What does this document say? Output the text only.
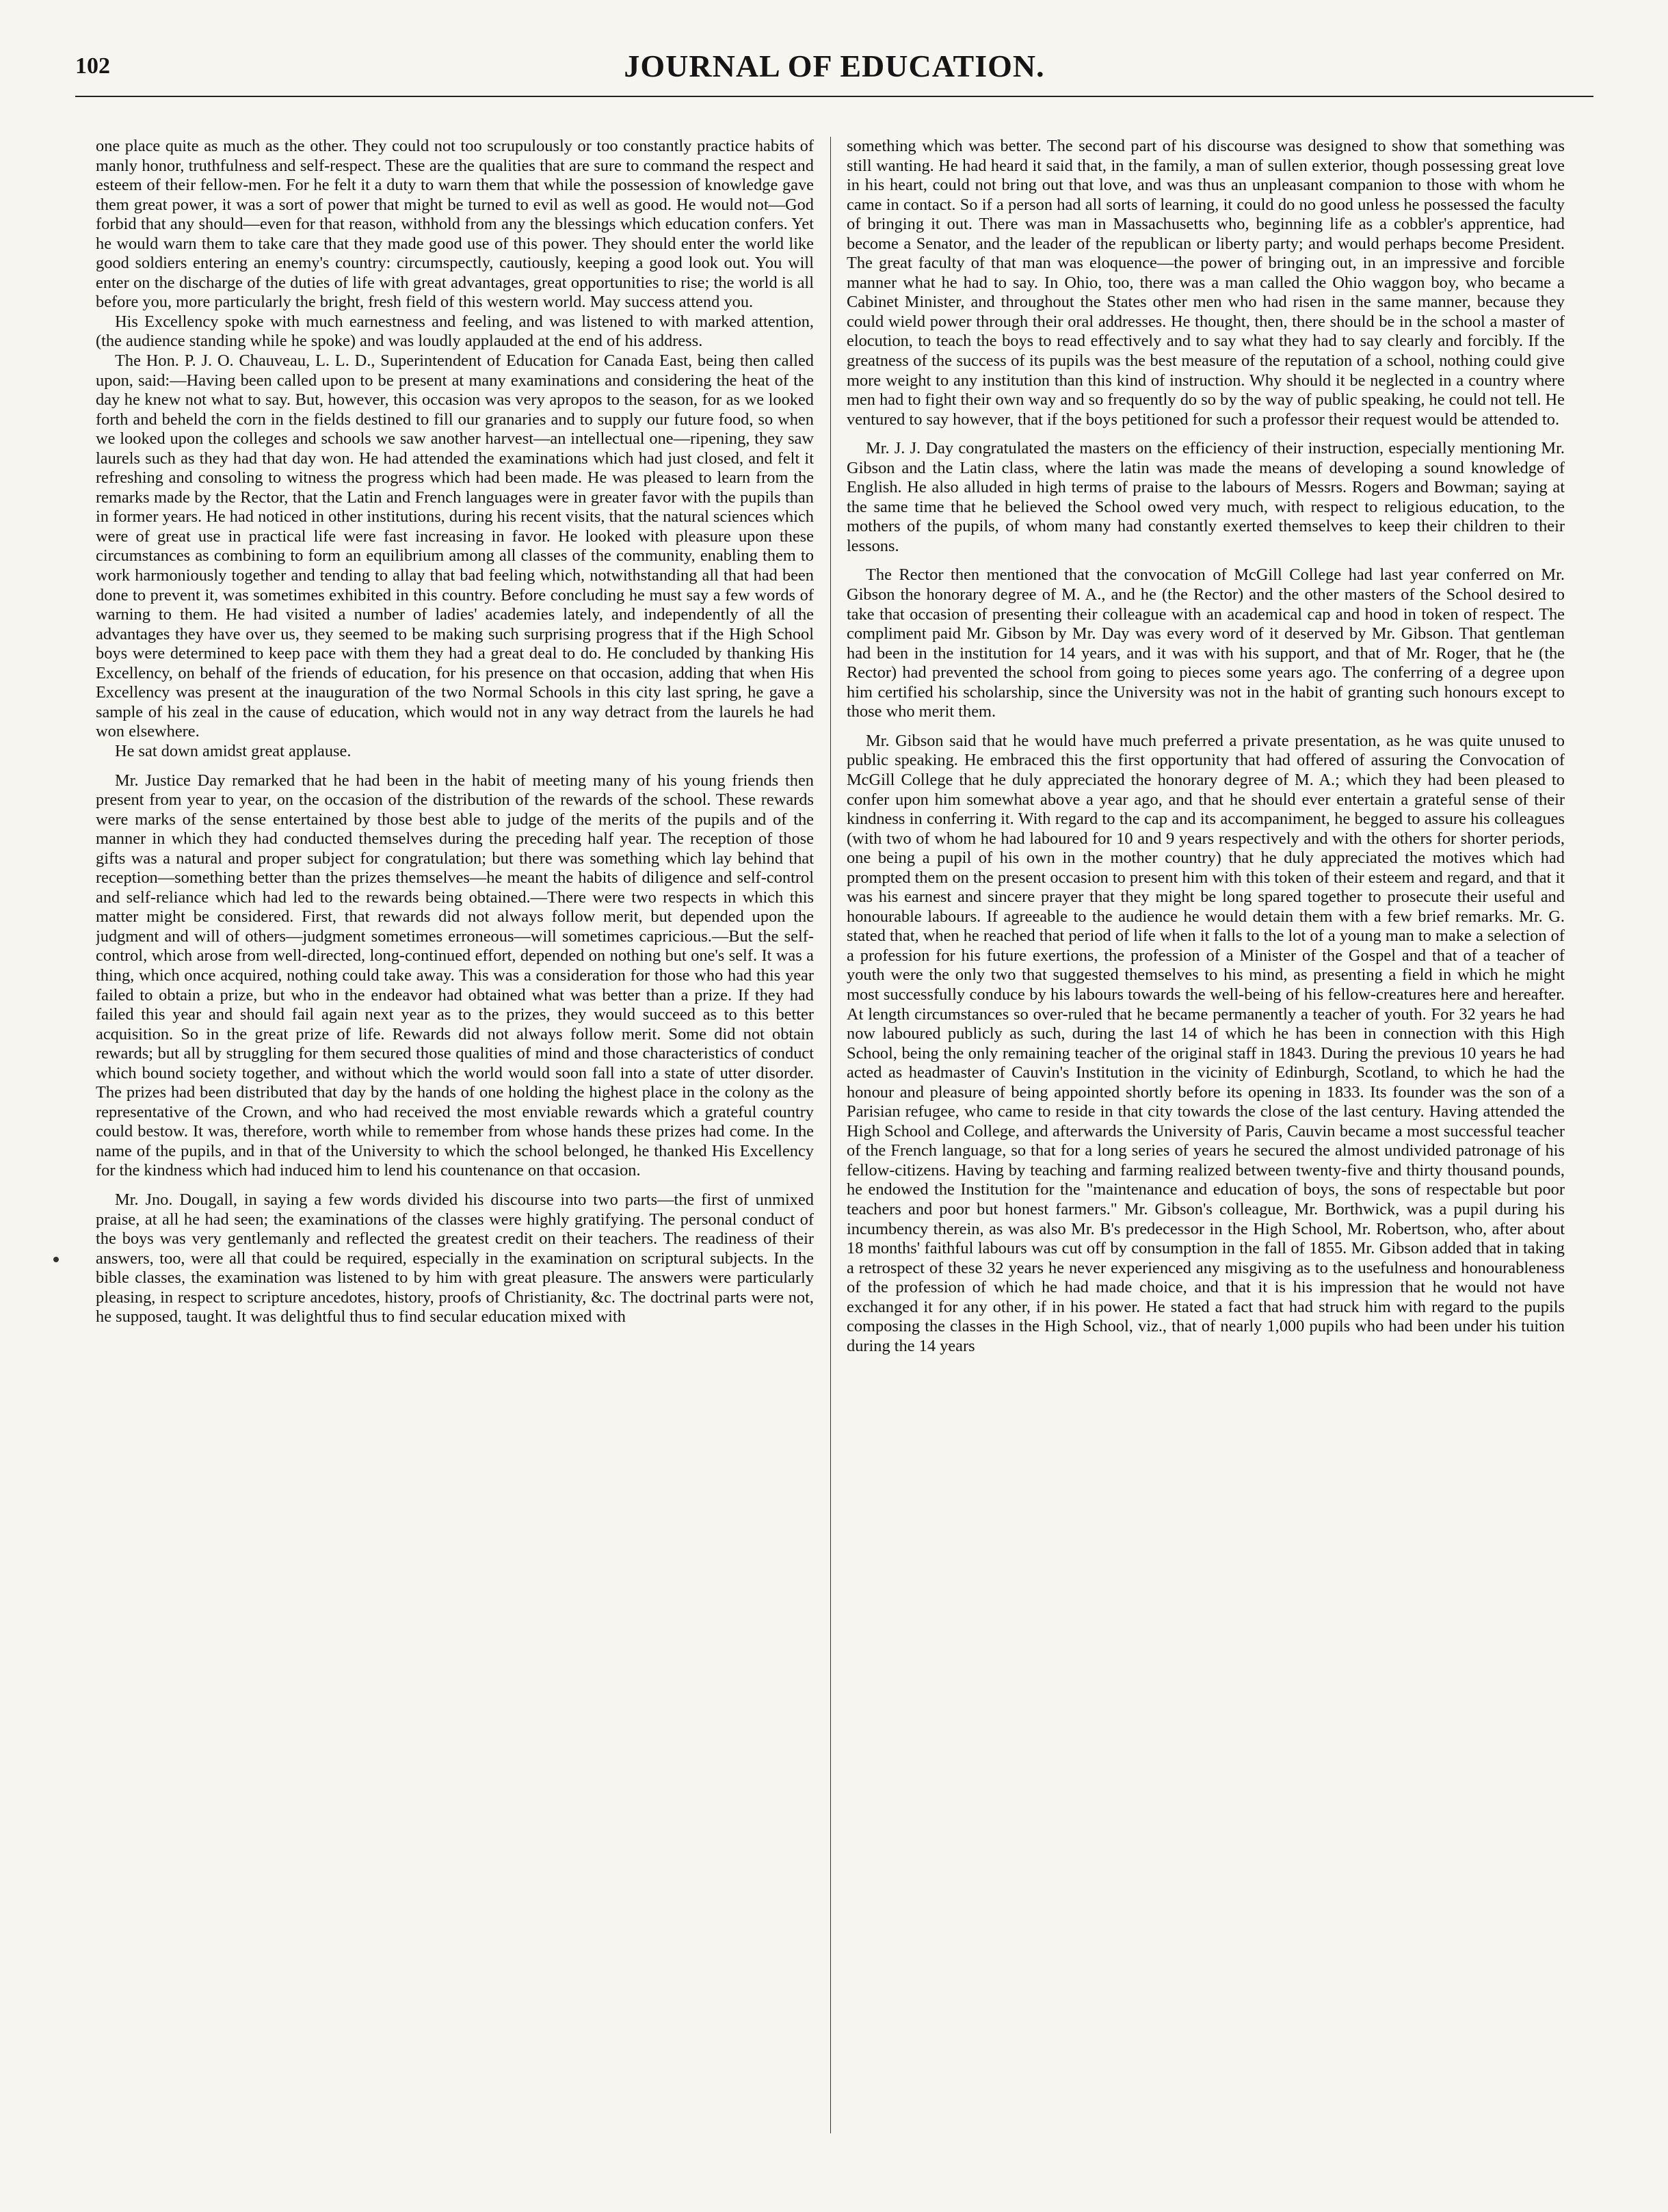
102	JOURNAL OF EDUCATION.

one place quite as much as the other. They could not too scrupulously or too constantly practice habits of manly honor, truthfulness and self-respect. These are the qualities that are sure to command the respect and esteem of their fellow-men. For he felt it a duty to warn them that while the possession of knowledge gave them great power, it was a sort of power that might be turned to evil as well as good. He would not—God forbid that any should—even for that reason, withhold from any the blessings which education confers. Yet he would warn them to take care that they made good use of this power. They should enter the world like good soldiers entering an enemy's country: circumspectly, cautiously, keeping a good look out. You will enter on the discharge of the duties of life with great advantages, great opportunities to rise; the world is all before you, more particularly the bright, fresh field of this western world. May success attend you.

His Excellency spoke with much earnestness and feeling, and was listened to with marked attention, (the audience standing while he spoke) and was loudly applauded at the end of his address.

The Hon. P. J. O. Chauveau, L. L. D., Superintendent of Education for Canada East, being then called upon, said:—Having been called upon to be present at many examinations and considering the heat of the day he knew not what to say. But, however, this occasion was very apropos to the season, for as we looked forth and beheld the corn in the fields destined to fill our granaries and to supply our future food, so when we looked upon the colleges and schools we saw another harvest—an intellectual one—ripening, they saw laurels such as they had that day won. He had attended the examinations which had just closed, and felt it refreshing and consoling to witness the progress which had been made. He was pleased to learn from the remarks made by the Rector, that the Latin and French languages were in greater favor with the pupils than in former years. He had noticed in other institutions, during his recent visits, that the natural sciences which were of great use in practical life were fast increasing in favor. He looked with pleasure upon these circumstances as combining to form an equilibrium among all classes of the community, enabling them to work harmoniously together and tending to allay that bad feeling which, notwithstanding all that had been done to prevent it, was sometimes exhibited in this country. Before concluding he must say a few words of warning to them. He had visited a number of ladies' academies lately, and independently of all the advantages they have over us, they seemed to be making such surprising progress that if the High School boys were determined to keep pace with them they had a great deal to do. He concluded by thanking His Excellency, on behalf of the friends of education, for his presence on that occasion, adding that when His Excellency was present at the inauguration of the two Normal Schools in this city last spring, he gave a sample of his zeal in the cause of education, which would not in any way detract from the laurels he had won elsewhere.

He sat down amidst great applause.

Mr. Justice Day remarked that he had been in the habit of meeting many of his young friends then present from year to year, on the occasion of the distribution of the rewards of the school. These rewards were marks of the sense entertained by those best able to judge of the merits of the pupils and of the manner in which they had conducted themselves during the preceding half year. The reception of those gifts was a natural and proper subject for congratulation; but there was something which lay behind that reception—something better than the prizes themselves—he meant the habits of diligence and self-control and self-reliance which had led to the rewards being obtained.—There were two respects in which this matter might be considered. First, that rewards did not always follow merit, but depended upon the judgment and will of others—judgment sometimes erroneous—will sometimes capricious.—But the self-control, which arose from well-directed, long-continued effort, depended on nothing but one's self. It was a thing, which once acquired, nothing could take away. This was a consideration for those who had this year failed to obtain a prize, but who in the endeavor had obtained what was better than a prize. If they had failed this year and should fail again next year as to the prizes, they would succeed as to this better acquisition. So in the great prize of life. Rewards did not always follow merit. Some did not obtain rewards; but all by struggling for them secured those qualities of mind and those characteristics of conduct which bound society together, and without which the world would soon fall into a state of utter disorder. The prizes had been distributed that day by the hands of one holding the highest place in the colony as the representative of the Crown, and who had received the most enviable rewards which a grateful country could bestow. It was, therefore, worth while to remember from whose hands these prizes had come. In the name of the pupils, and in that of the University to which the school belonged, he thanked His Excellency for the kindness which had induced him to lend his countenance on that occasion.

Mr. Jno. Dougall, in saying a few words divided his discourse into two parts—the first of unmixed praise, at all he had seen; the examinations of the classes were highly gratifying. The personal conduct of the boys was very gentlemanly and reflected the greatest credit on their teachers. The readiness of their answers, too, were all that could be required, especially in the examination on scriptural subjects. In the bible classes, the examination was listened to by him with great pleasure. The answers were particularly pleasing, in respect to scripture ancedotes, history, proofs of Christianity, &c. The doctrinal parts were not, he supposed, taught. It was delightful thus to find secular education mixed with

something which was better. The second part of his discourse was designed to show that something was still wanting. He had heard it said that, in the family, a man of sullen exterior, though possessing great love in his heart, could not bring out that love, and was thus an unpleasant companion to those with whom he came in contact. So if a person had all sorts of learning, it could do no good unless he possessed the faculty of bringing it out. There was man in Massachusetts who, beginning life as a cobbler's apprentice, had become a Senator, and the leader of the republican or liberty party; and would perhaps become President. The great faculty of that man was eloquence—the power of bringing out, in an impressive and forcible manner what he had to say. In Ohio, too, there was a man called the Ohio waggon boy, who became a Cabinet Minister, and throughout the States other men who had risen in the same manner, because they could wield power through their oral addresses. He thought, then, there should be in the school a master of elocution, to teach the boys to read effectively and to say what they had to say clearly and forcibly. If the greatness of the success of its pupils was the best measure of the reputation of a school, nothing could give more weight to any institution than this kind of instruction. Why should it be neglected in a country where men had to fight their own way and so frequently do so by the way of public speaking, he could not tell. He ventured to say however, that if the boys petitioned for such a professor their request would be attended to.

Mr. J. J. Day congratulated the masters on the efficiency of their instruction, especially mentioning Mr. Gibson and the Latin class, where the latin was made the means of developing a sound knowledge of English. He also alluded in high terms of praise to the labours of Messrs. Rogers and Bowman; saying at the same time that he believed the School owed very much, with respect to religious education, to the mothers of the pupils, of whom many had constantly exerted themselves to keep their children to their lessons.

The Rector then mentioned that the convocation of McGill College had last year conferred on Mr. Gibson the honorary degree of M. A., and he (the Rector) and the other masters of the School desired to take that occasion of presenting their colleague with an academical cap and hood in token of respect. The compliment paid Mr. Gibson by Mr. Day was every word of it deserved by Mr. Gibson. That gentleman had been in the institution for 14 years, and it was with his support, and that of Mr. Roger, that he (the Rector) had prevented the school from going to pieces some years ago. The conferring of a degree upon him certified his scholarship, since the University was not in the habit of granting such honours except to those who merit them.

Mr. Gibson said that he would have much preferred a private presentation, as he was quite unused to public speaking. He embraced this the first opportunity that had offered of assuring the Convocation of McGill College that he duly appreciated the honorary degree of M. A.; which they had been pleased to confer upon him somewhat above a year ago, and that he should ever entertain a grateful sense of their kindness in conferring it. With regard to the cap and its accompaniment, he begged to assure his colleagues (with two of whom he had laboured for 10 and 9 years respectively and with the others for shorter periods, one being a pupil of his own in the mother country) that he duly appreciated the motives which had prompted them on the present occasion to present him with this token of their esteem and regard, and that it was his earnest and sincere prayer that they might be long spared together to prosecute their useful and honourable labours. If agreeable to the audience he would detain them with a few brief remarks. Mr. G. stated that, when he reached that period of life when it falls to the lot of a young man to make a selection of a profession for his future exertions, the profession of a Minister of the Gospel and that of a teacher of youth were the only two that suggested themselves to his mind, as presenting a field in which he might most successfully conduce by his labours towards the well-being of his fellow-creatures here and hereafter. At length circumstances so over-ruled that he became permanently a teacher of youth. For 32 years he had now laboured publicly as such, during the last 14 of which he has been in connection with this High School, being the only remaining teacher of the original staff in 1843. During the previous 10 years he had acted as headmaster of Cauvin's Institution in the vicinity of Edinburgh, Scotland, to which he had the honour and pleasure of being appointed shortly before its opening in 1833. Its founder was the son of a Parisian refugee, who came to reside in that city towards the close of the last century. Having attended the High School and College, and afterwards the University of Paris, Cauvin became a most successful teacher of the French language, so that for a long series of years he secured the almost undivided patronage of his fellow-citizens. Having by teaching and farming realized between twenty-five and thirty thousand pounds, he endowed the Institution for the "maintenance and education of boys, the sons of respectable but poor teachers and poor but honest farmers." Mr. Gibson's colleague, Mr. Borthwick, was a pupil during his incumbency therein, as was also Mr. B's predecessor in the High School, Mr. Robertson, who, after about 18 months' faithful labours was cut off by consumption in the fall of 1855. Mr. Gibson added that in taking a retrospect of these 32 years he never experienced any misgiving as to the usefulness and honourableness of the profession of which he had made choice, and that it is his impression that he would not have exchanged it for any other, if in his power. He stated a fact that had struck him with regard to the pupils composing the classes in the High School, viz., that of nearly 1,000 pupils who had been under his tuition during the 14 years
